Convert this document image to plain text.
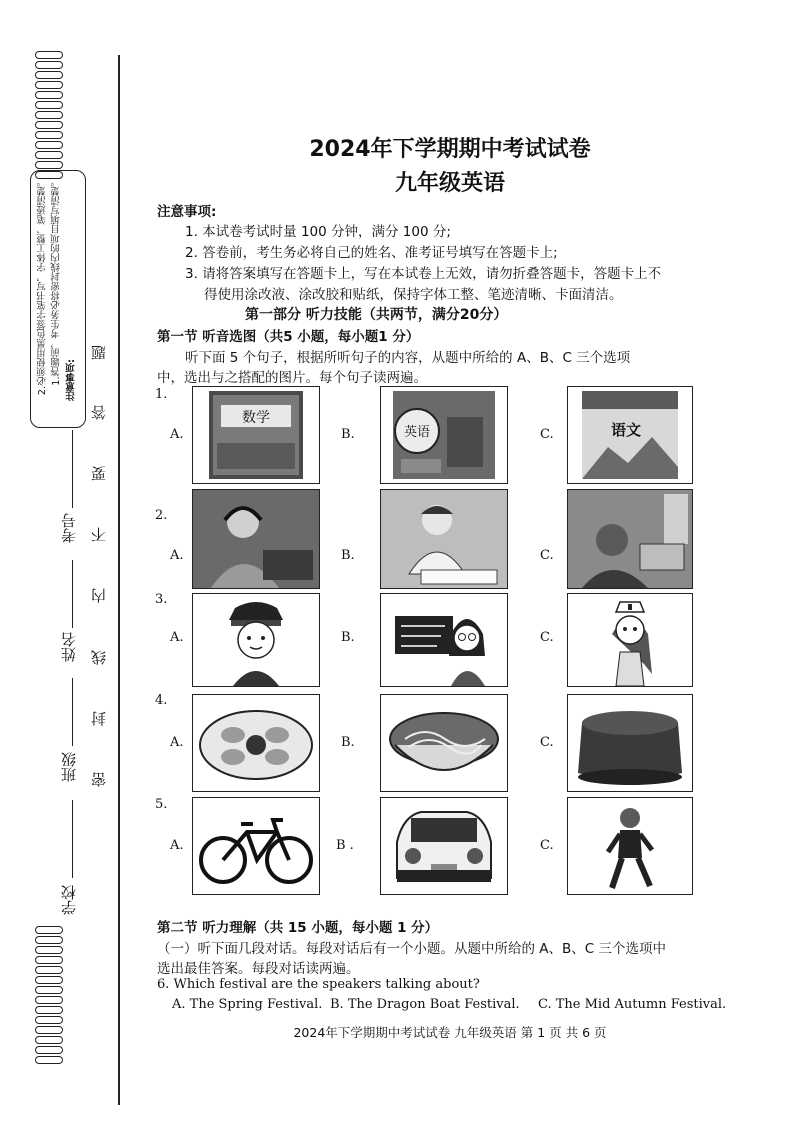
注意事项:
1.答题前，考生务必将密封线内的项目填写清楚。
2.必须使用黑色签字笔书写，字体工整、笔迹清楚。	题
答
要
不
内
线
封
密
考号
姓名
班级
学校
2024年下学期期中考试试卷
九年级英语
注意事项:
1. 本试卷考试时量 100 分钟，满分 100 分;
2. 答卷前，考生务必将自己的姓名、准考证号填写在答题卡上;
3. 请将答案填写在答题卡上，写在本试卷上无效，请勿折叠答题卡，答题卡上不
得使用涂改液、涂改胶和贴纸，保持字体工整、笔迹清晰、卡面清洁。
第一部分 听力技能（共两节，满分20分）
第一节 听音选图（共5 小题，每小题1 分）
听下面 5 个句子，根据所听句子的内容，从题中所给的 A、B、C 三个选项
中，选出与之搭配的图片。每个句子读两遍。
1.
A.
数学
B.	英语	C.	语文
2.
A.	B.	C.
3.
A.	B.	C.
4.
A.	B.	C.
5.
A.	B .	C.
第二节 听力理解（共 15 小题，每小题 1 分）
（一）听下面几段对话。每段对话后有一个小题。从题中所给的 A、B、C 三个选项中
选出最佳答案。每段对话读两遍。
6. Which festival are the speakers talking about?
A. The Spring Festival. B. The Dragon Boat Festival. C. The Mid Autumn Festival.
2024年下学期期中考试试卷 九年级英语 第 1 页 共 6 页
